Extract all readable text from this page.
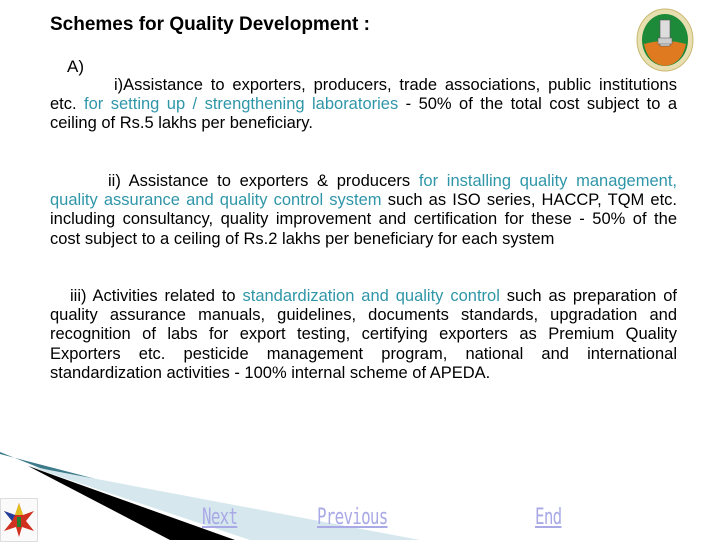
Schemes for Quality Development :
A)
i)Assistance to exporters, producers, trade associations, public institutions etc. for setting up / strengthening laboratories - 50% of the total cost subject to a ceiling of Rs.5 lakhs per beneficiary.
ii) Assistance to exporters & producers for installing quality management, quality assurance and quality control system such as ISO series, HACCP, TQM etc. including consultancy, quality improvement and certification for these - 50% of the cost subject to a ceiling of Rs.2 lakhs per beneficiary for each system
iii) Activities related to standardization and quality control such as preparation of quality assurance manuals, guidelines, documents standards, upgradation and recognition of labs for export testing, certifying exporters as Premium Quality Exporters etc. pesticide management program, national and international standardization activities - 100% internal scheme of APEDA.
Next	Previous	End
